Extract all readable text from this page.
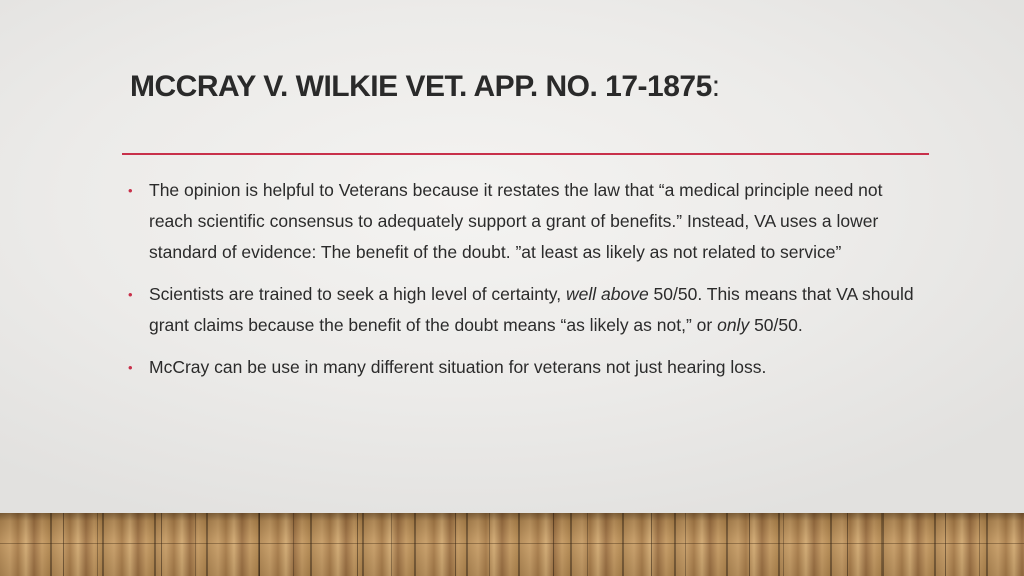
MCCRAY V. WILKIE VET. APP. NO. 17-1875:
• The opinion is helpful to Veterans because it restates the law that “a medical principle need not reach scientific consensus to adequately support a grant of benefits.” Instead, VA uses a lower standard of evidence: The benefit of the doubt. ”at least as likely as not related to service”
• Scientists are trained to seek a high level of certainty, well above 50/50. This means that VA should grant claims because the benefit of the doubt means “as likely as not,” or only 50/50.
• McCray can be use in many different situation for veterans not just hearing loss.
